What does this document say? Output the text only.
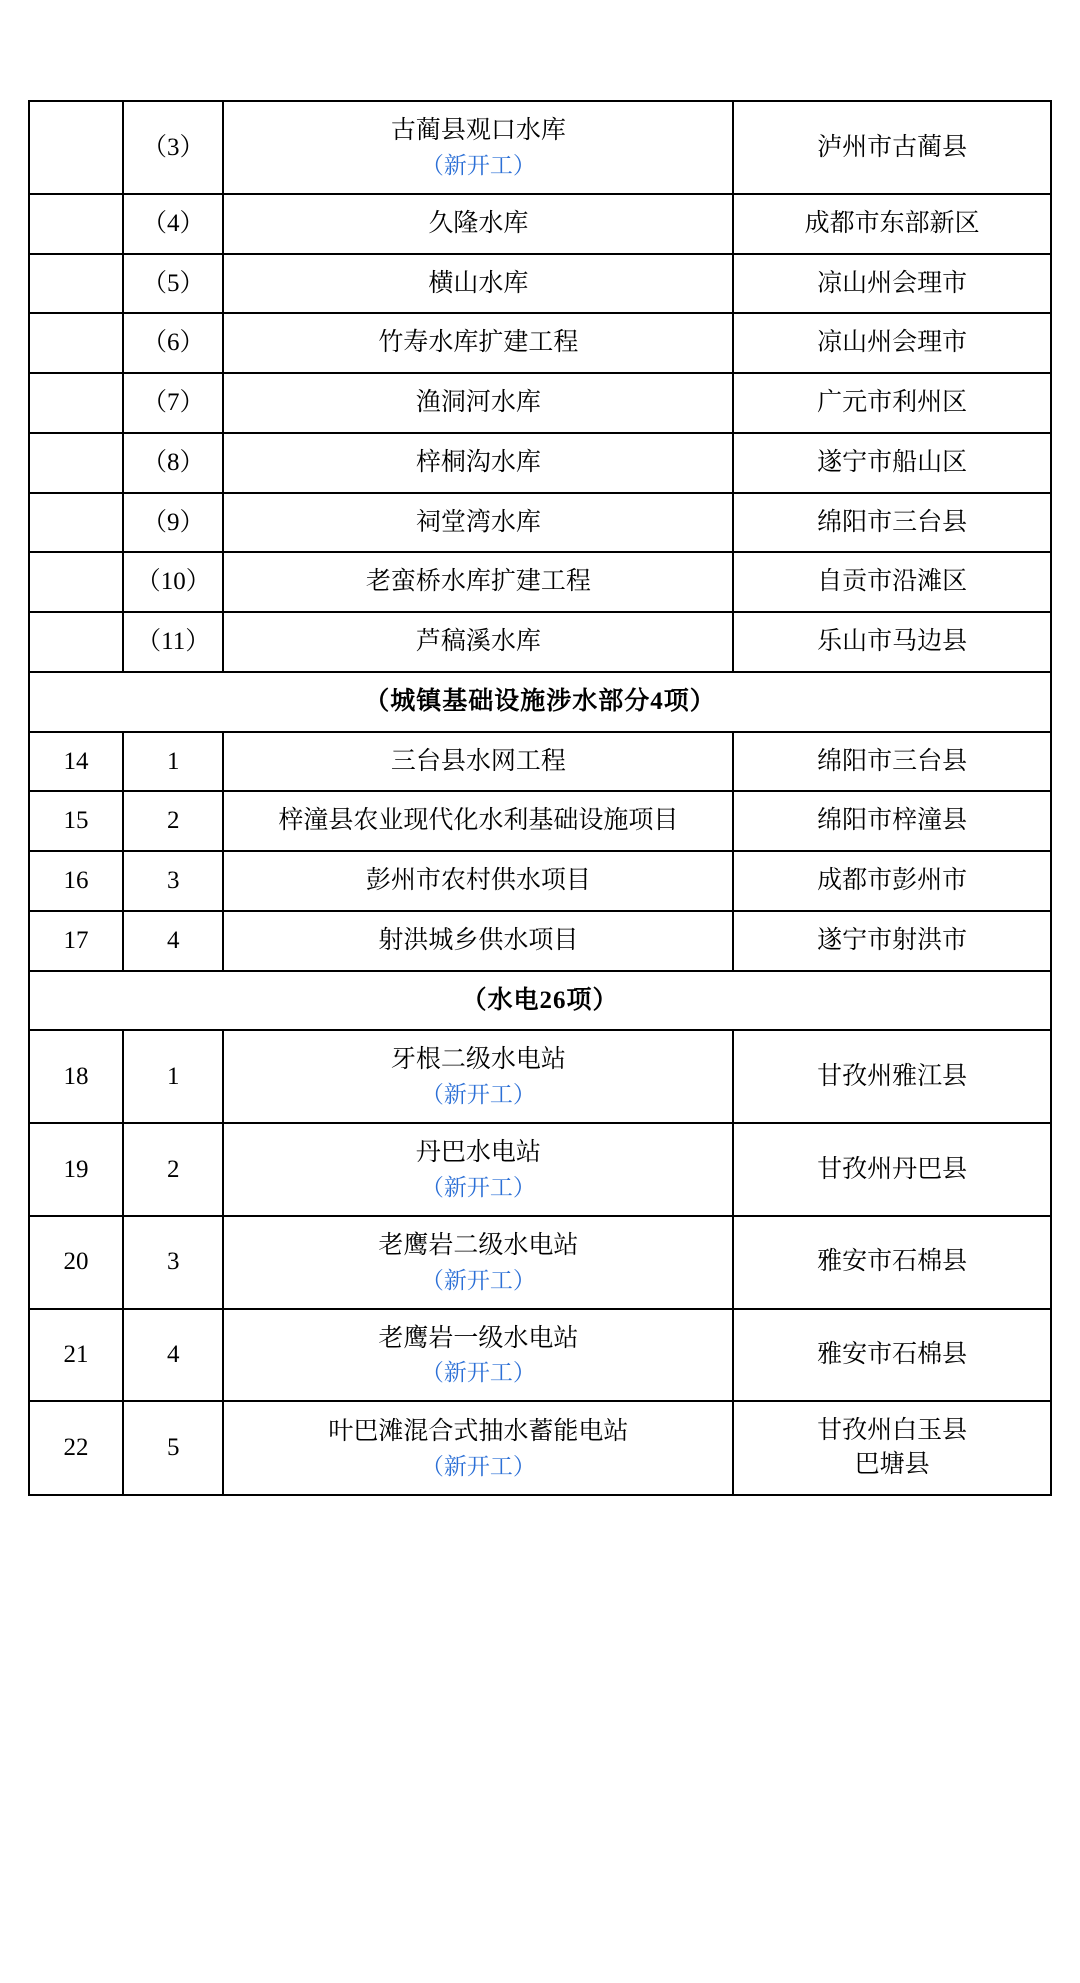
	（3）	古蔺县观口水库
（新开工）	泸州市古蔺县

	（4）	久隆水库	成都市东部新区

	（5）	横山水库	凉山州会理市

	（6）	竹寿水库扩建工程	凉山州会理市

	（7）	渔洞河水库	广元市利州区

	（8）	梓桐沟水库	遂宁市船山区

	（9）	祠堂湾水库	绵阳市三台县

	（10）	老蛮桥水库扩建工程	自贡市沿滩区

	（11）	芦稿溪水库	乐山市马边县

（城镇基础设施涉水部分4项）			
14	1	三台县水网工程	绵阳市三台县

15	2	梓潼县农业现代化水利基础设施项目	绵阳市梓潼县

16	3	彭州市农村供水项目	成都市彭州市

17	4	射洪城乡供水项目	遂宁市射洪市

（水电26项）			
18	1	牙根二级水电站
（新开工）	甘孜州雅江县

19	2	丹巴水电站
（新开工）	甘孜州丹巴县

20	3	老鹰岩二级水电站
（新开工）	雅安市石棉县

21	4	老鹰岩一级水电站
（新开工）	雅安市石棉县

22	5	叶巴滩混合式抽水蓄能电站
（新开工）	甘孜州白玉县
巴塘县
